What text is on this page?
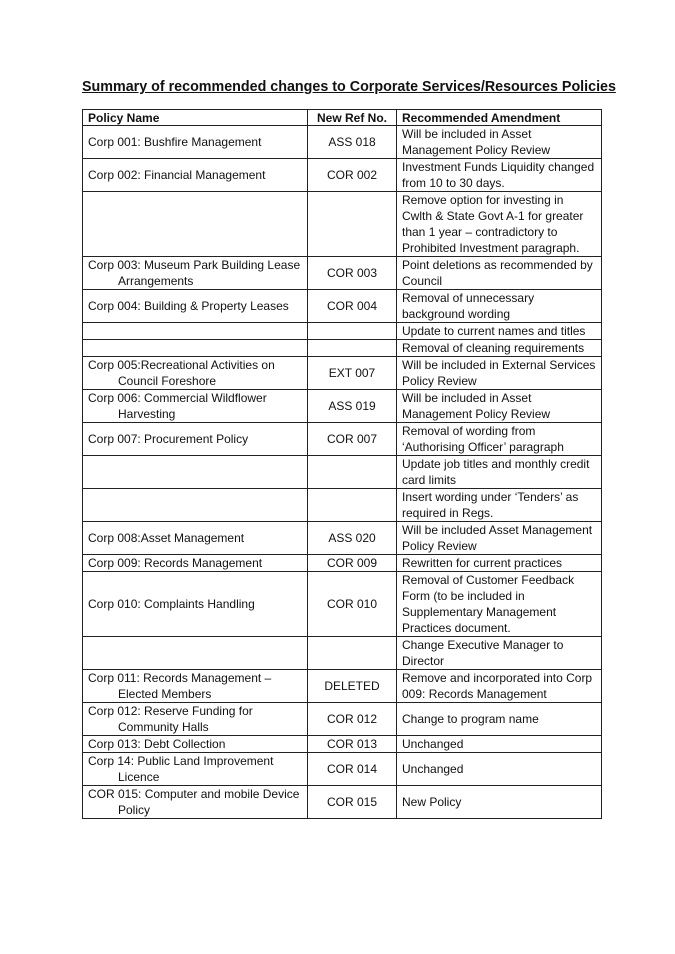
Summary of recommended changes to Corporate Services/Resources Policies
Policy Name	New Ref No.	Recommended Amendment

Corp 001: Bushfire Management	ASS 018	Will be included in Asset Management Policy Review

Corp 002: Financial Management	COR 002	Investment Funds Liquidity changed from 10 to 30 days.

		Remove option for investing in Cwlth & State Govt A-1 for greater than 1 year – contradictory to Prohibited Investment paragraph.

Corp 003: Museum Park Building Lease Arrangements	COR 003	Point deletions as recommended by Council

Corp 004: Building & Property Leases	COR 004	Removal of unnecessary background wording

		Update to current names and titles

		Removal of cleaning requirements

Corp 005:Recreational Activities on Council Foreshore	EXT 007	Will be included in External Services Policy Review

Corp 006: Commercial Wildflower Harvesting	ASS 019	Will be included in Asset Management Policy Review

Corp 007: Procurement Policy	COR 007	Removal of wording from ‘Authorising Officer’ paragraph

		Update job titles and monthly credit card limits

		Insert wording under ‘Tenders’ as required in Regs.

Corp 008:Asset Management	ASS 020	Will be included Asset Management Policy Review

Corp 009: Records Management	COR 009	Rewritten for current practices

Corp 010: Complaints Handling	COR 010	Removal of Customer Feedback Form (to be included in Supplementary Management Practices document.

		Change Executive Manager to Director

Corp 011: Records Management – Elected Members	DELETED	Remove and incorporated into Corp 009: Records Management

Corp 012: Reserve Funding for Community Halls	COR 012	Change to program name

Corp 013: Debt Collection	COR 013	Unchanged

Corp 14: Public Land Improvement Licence	COR 014	Unchanged

COR 015: Computer and mobile Device Policy	COR 015	New Policy
